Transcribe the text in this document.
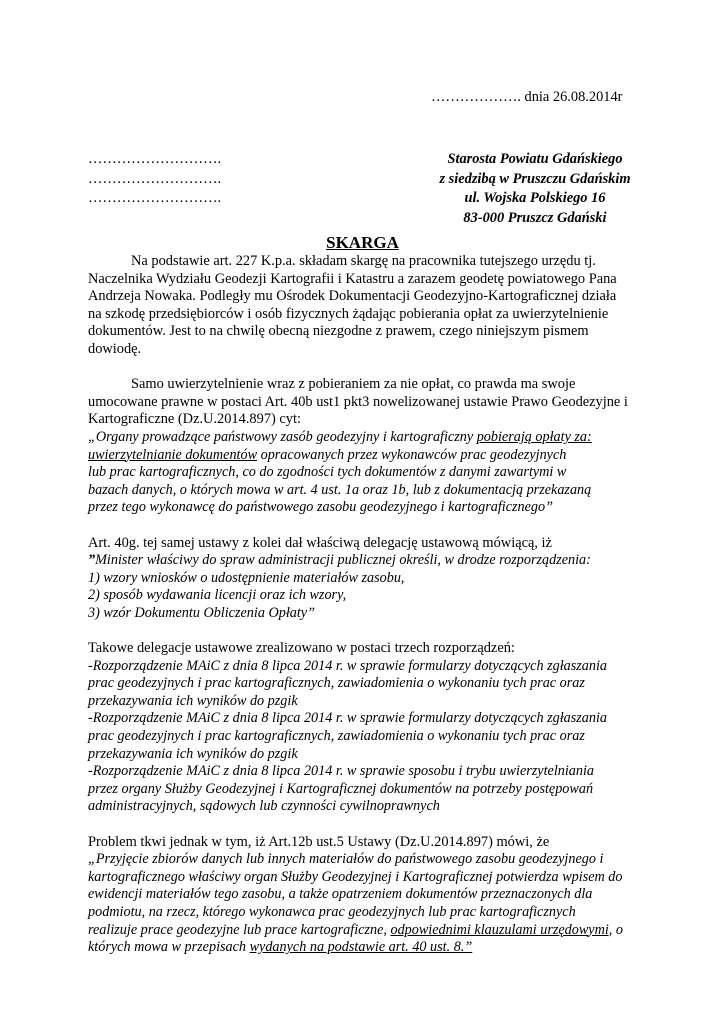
………………. dnia 26.08.2014r
……………………….
……………………….
……………………….
Starosta Powiatu Gdańskiego
z siedzibą w Pruszczu Gdańskim
ul. Wojska Polskiego 16
83-000 Pruszcz Gdański
SKARGA
Na podstawie art. 227 K.p.a. składam skargę na pracownika tutejszego urzędu tj.
Naczelnika Wydziału Geodezji Kartografii i Katastru a zarazem geodetę powiatowego Pana
Andrzeja Nowaka. Podległy mu Ośrodek Dokumentacji Geodezyjno-Kartograficznej działa
na szkodę przedsiębiorców i osób fizycznych żądając pobierania opłat za uwierzytelnienie
dokumentów. Jest to na chwilę obecną niezgodne z prawem, czego niniejszym pismem
dowiodę.
Samo uwierzytelnienie wraz z pobieraniem za nie opłat, co prawda ma swoje
umocowane prawne w postaci Art. 40b ust1 pkt3 nowelizowanej ustawie Prawo Geodezyjne i
Kartograficzne (Dz.U.2014.897) cyt:
„Organy prowadzące państwowy zasób geodezyjny i kartograficzny pobierają opłaty za:
uwierzytelnianie dokumentów opracowanych przez wykonawców prac geodezyjnych
lub prac kartograficznych, co do zgodności tych dokumentów z danymi zawartymi w
bazach danych, o których mowa w art. 4 ust. 1a oraz 1b, lub z dokumentacją przekazaną
przez tego wykonawcę do państwowego zasobu geodezyjnego i kartograficznego”
Art. 40g. tej samej ustawy z kolei dał właściwą delegację ustawową mówiącą, iż
”Minister właściwy do spraw administracji publicznej określi, w drodze rozporządzenia:
1) wzory wniosków o udostępnienie materiałów zasobu,
2) sposób wydawania licencji oraz ich wzory,
3) wzór Dokumentu Obliczenia Opłaty”
Takowe delegacje ustawowe zrealizowano w postaci trzech rozporządzeń:
-Rozporządzenie MAiC z dnia 8 lipca 2014 r. w sprawie formularzy dotyczących zgłaszania
prac geodezyjnych i prac kartograficznych, zawiadomienia o wykonaniu tych prac oraz
przekazywania ich wyników do pzgik
-Rozporządzenie MAiC z dnia 8 lipca 2014 r. w sprawie formularzy dotyczących zgłaszania
prac geodezyjnych i prac kartograficznych, zawiadomienia o wykonaniu tych prac oraz
przekazywania ich wyników do pzgik
-Rozporządzenie MAiC z dnia 8 lipca 2014 r. w sprawie sposobu i trybu uwierzytelniania
przez organy Służby Geodezyjnej i Kartograficznej dokumentów na potrzeby postępowań
administracyjnych, sądowych lub czynności cywilnoprawnych
Problem tkwi jednak w tym, iż Art.12b ust.5 Ustawy (Dz.U.2014.897) mówi, że
„Przyjęcie zbiorów danych lub innych materiałów do państwowego zasobu geodezyjnego i
kartograficznego właściwy organ Służby Geodezyjnej i Kartograficznej potwierdza wpisem do
ewidencji materiałów tego zasobu, a także opatrzeniem dokumentów przeznaczonych dla
podmiotu, na rzecz, którego wykonawca prac geodezyjnych lub prac kartograficznych
realizuje prace geodezyjne lub prace kartograficzne, odpowiednimi klauzulami urzędowymi, o
których mowa w przepisach wydanych na podstawie art. 40 ust. 8.”
